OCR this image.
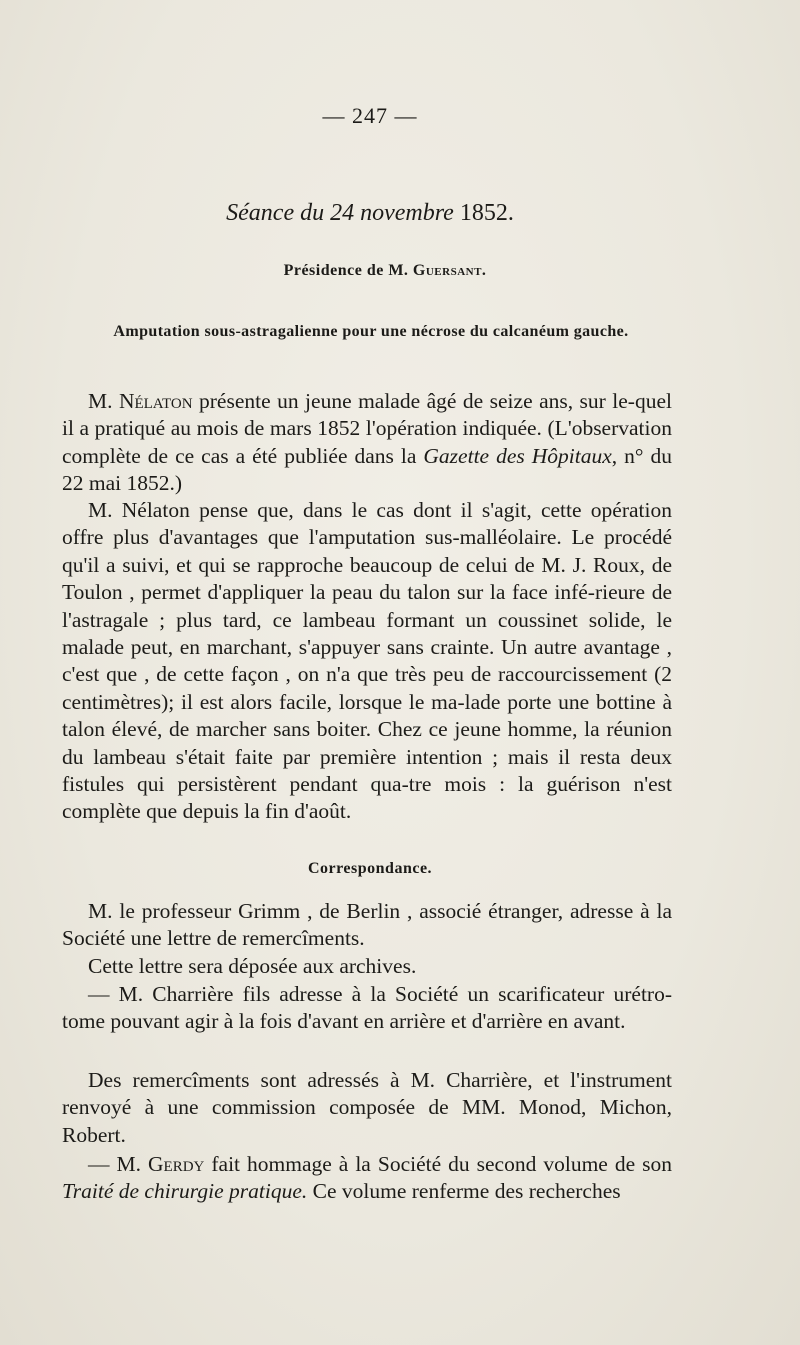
— 247 —
Séance du 24 novembre 1852.
Présidence de M. Guersant.
Amputation sous-astragalienne pour une nécrose du calcanéum gauche.

M. Nélaton présente un jeune malade âgé de seize ans, sur le-quel il a pratiqué au mois de mars 1852 l'opération indiquée. (L'observation complète de ce cas a été publiée dans la Gazette des Hôpitaux, n° du 22 mai 1852.)

M. Nélaton pense que, dans le cas dont il s'agit, cette opération offre plus d'avantages que l'amputation sus-malléolaire. Le procédé qu'il a suivi, et qui se rapproche beaucoup de celui de M. J. Roux, de Toulon , permet d'appliquer la peau du talon sur la face infé-rieure de l'astragale ; plus tard, ce lambeau formant un coussinet solide, le malade peut, en marchant, s'appuyer sans crainte. Un autre avantage , c'est que , de cette façon , on n'a que très peu de raccourcissement (2 centimètres); il est alors facile, lorsque le ma-lade porte une bottine à talon élevé, de marcher sans boiter. Chez ce jeune homme, la réunion du lambeau s'était faite par première intention ; mais il resta deux fistules qui persistèrent pendant qua-tre mois : la guérison n'est complète que depuis la fin d'août.

Correspondance.

M. le professeur Grimm , de Berlin , associé étranger, adresse à la Société une lettre de remercîments.

Cette lettre sera déposée aux archives.

— M. Charrière fils adresse à la Société un scarificateur urétro-tome pouvant agir à la fois d'avant en arrière et d'arrière en avant.

Des remercîments sont adressés à M. Charrière, et l'instrument renvoyé à une commission composée de MM. Monod, Michon, Robert.

— M. Gerdy fait hommage à la Société du second volume de son Traité de chirurgie pratique. Ce volume renferme des recherches
